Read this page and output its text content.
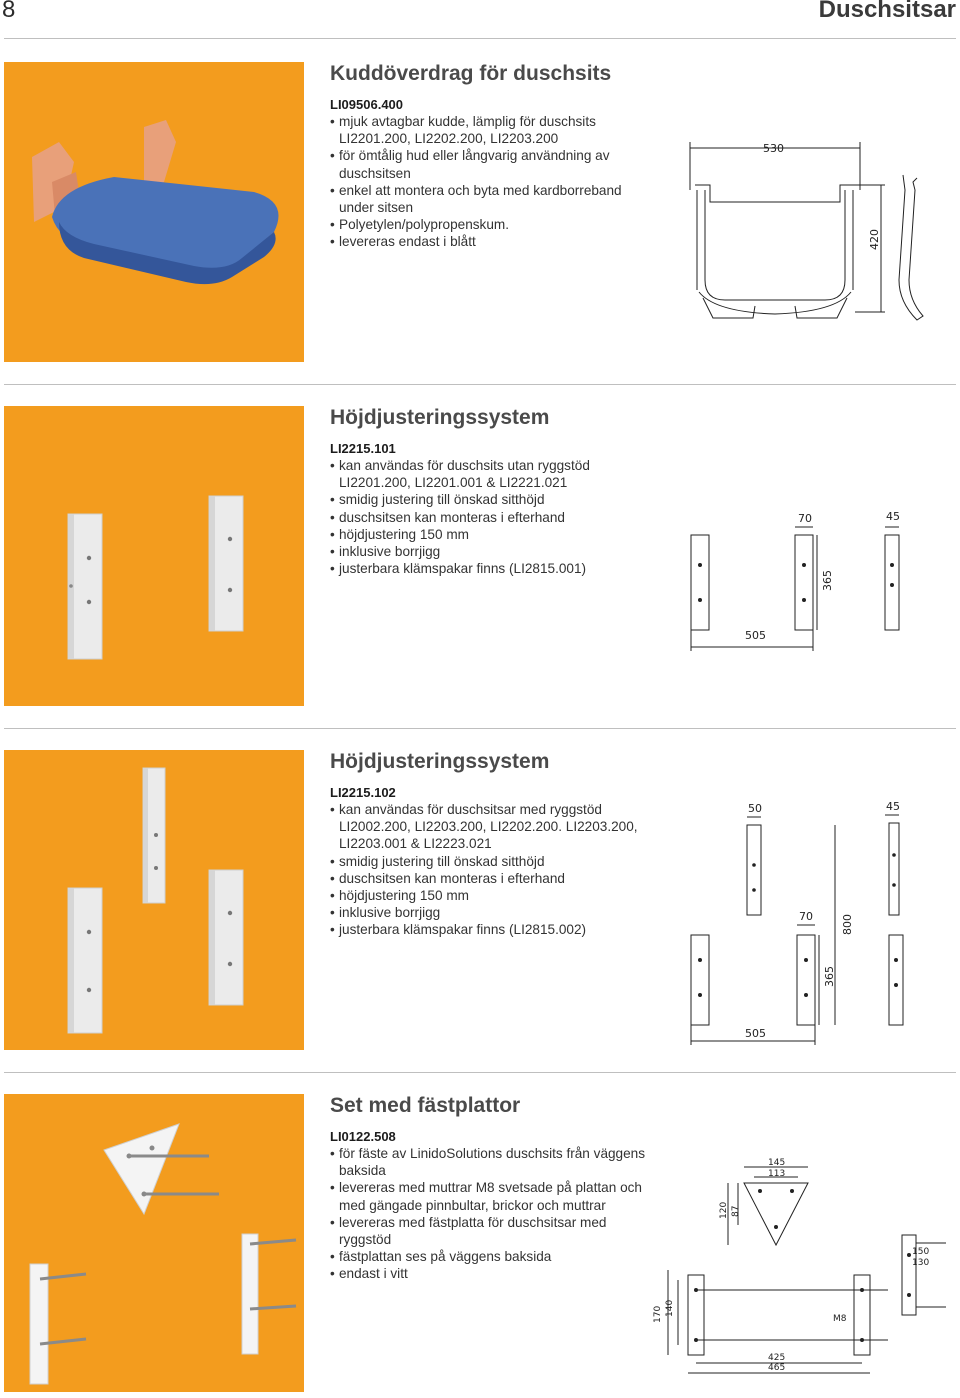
8	Duschsitsar
Kuddöverdrag för duschsits
LI09506.400
• mjuk avtagbar kudde, lämplig för duschsits LI2201.200, LI2202.200, LI2203.200
• för ömtålig hud eller långvarig användning av duschsitsen
• enkel att montera och byta med kardborreband under sitsen
• Polyetylen/polypropenskum.
• levereras endast i blått
530
420
Höjdjusteringssystem
LI2215.101
• kan användas för duschsits utan ryggstöd LI2201.200, LI2201.001 & LI2221.021
• smidig justering till önskad sitthöjd
• duschsitsen kan monteras i efterhand
• höjdjustering 150 mm
• inklusive borrjigg
• justerbara klämspakar finns (LI2815.001)
70	45
365
505
Höjdjusteringssystem
LI2215.102
• kan användas för duschsitsar med ryggstöd LI2002.200, LI2203.200, LI2202.200. LI2203.200, LI2203.001 & LI2223.021
• smidig justering till önskad sitthöjd
• duschsitsen kan monteras i efterhand
• höjdjustering 150 mm
• inklusive borrjigg
• justerbara klämspakar finns (LI2815.002)
50	45
70	800
365
505
Set med fästplattor
LI0122.508
• för fäste av LinidoSolutions duschsits från väggens baksida
• levereras med muttrar M8 svetsade på plattan och med gängade pinnbultar, brickor och muttrar
• levereras med fästplatta för duschsitsar med ryggstöd
• fästplattan ses på väggens baksida
• endast i vitt
145
113
120 87
150
130
170 140
M8
425
465
